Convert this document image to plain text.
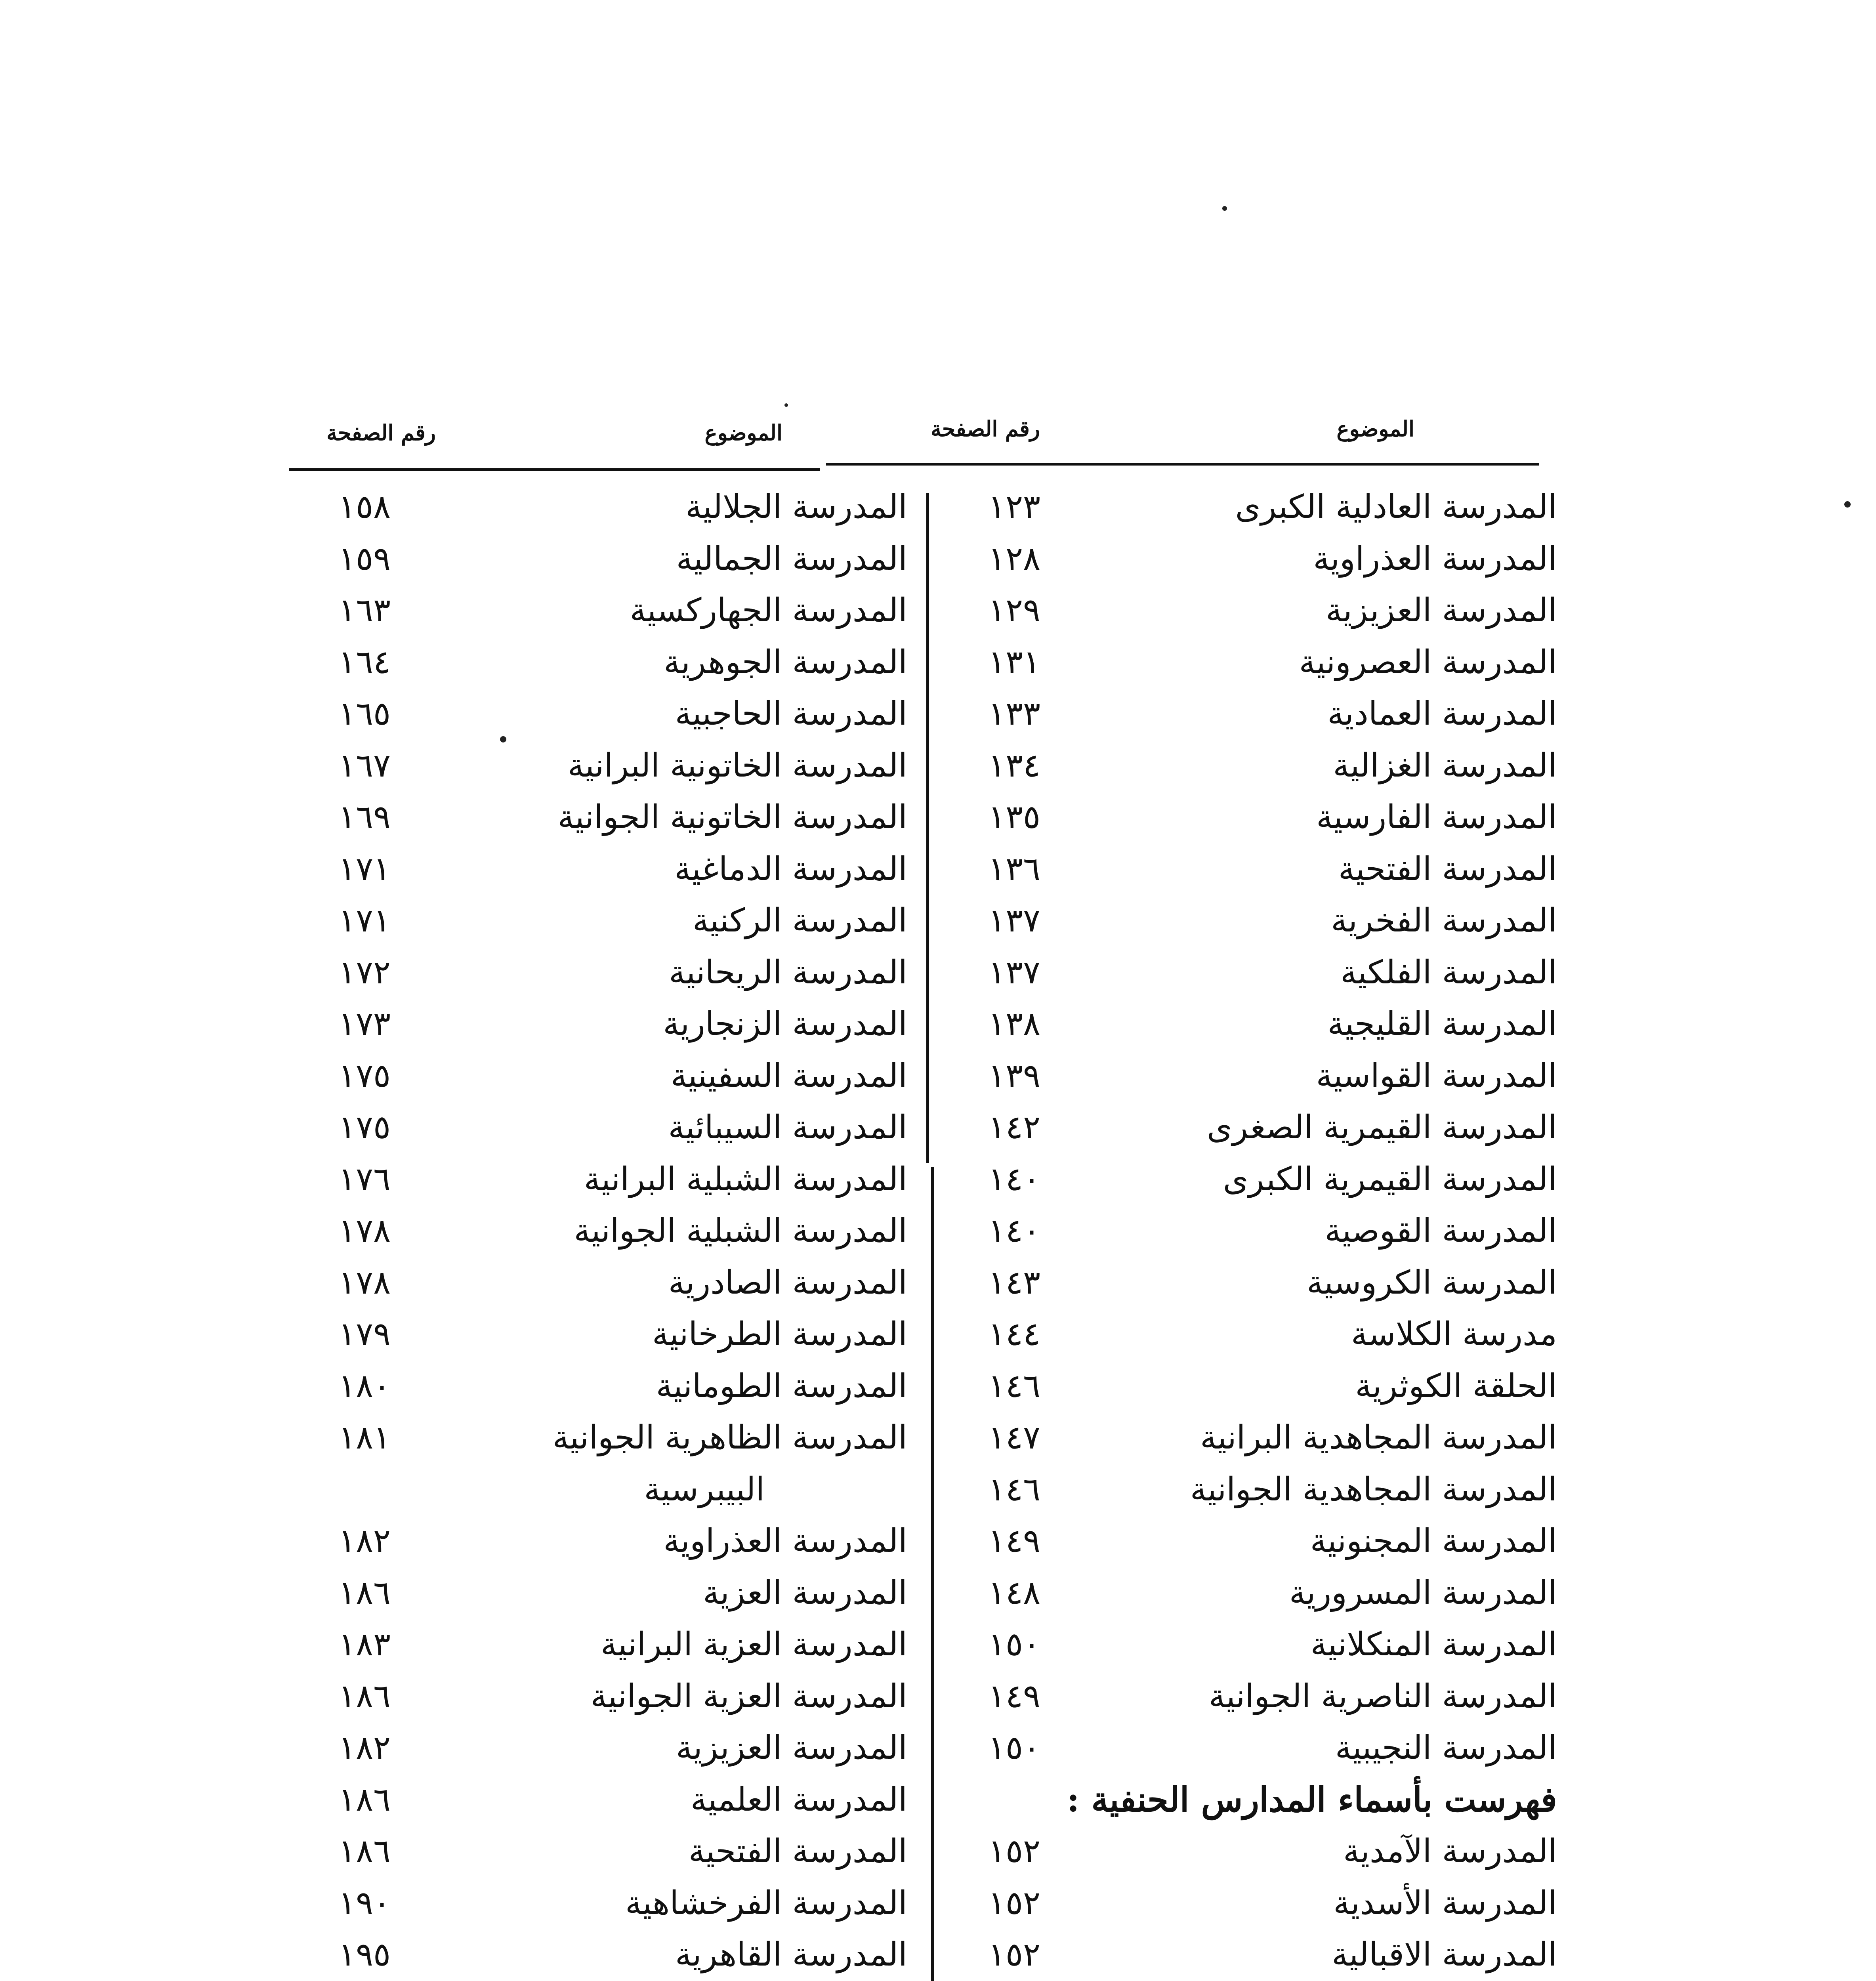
الموضوع
رقم الصفحة
الموضوع
رقم الصفحة
المدرسة العادلية الكبرى
١٢٣
المدرسة العذراوية
١٢٨
المدرسة العزيزية
١٢٩
المدرسة العصرونية
١٣١
المدرسة العمادية
١٣٣
المدرسة الغزالية
١٣٤
المدرسة الفارسية
١٣٥
المدرسة الفتحية
١٣٦
المدرسة الفخرية
١٣٧
المدرسة الفلكية
١٣٧
المدرسة القليجية
١٣٨
المدرسة القواسية
١٣٩
المدرسة القيمرية الصغرى
١٤٢
المدرسة القيمرية الكبرى
١٤٠
المدرسة القوصية
١٤٠
المدرسة الكروسية
١٤٣
مدرسة الكلاسة
١٤٤
الحلقة الكوثرية
١٤٦
المدرسة المجاهدية البرانية
١٤٧
المدرسة المجاهدية الجوانية
١٤٦
المدرسة المجنونية
١٤٩
المدرسة المسرورية
١٤٨
المدرسة المنكلانية
١٥٠
المدرسة الناصرية الجوانية
١٤٩
المدرسة النجيبية
١٥٠
فهرست بأسماء المدارس الحنفية :
المدرسة الآمدية
١٥٢
المدرسة الأسدية
١٥٢
المدرسة الاقبالية
١٥٢
المدرسة الجلالية
١٥٨
المدرسة الجمالية
١٥٩
المدرسة الجهاركسية
١٦٣
المدرسة الجوهرية
١٦٤
المدرسة الحاجبية
١٦٥
المدرسة الخاتونية البرانية
١٦٧
المدرسة الخاتونية الجوانية
١٦٩
المدرسة الدماغية
١٧١
المدرسة الركنية
١٧١
المدرسة الريحانية
١٧٢
المدرسة الزنجارية
١٧٣
المدرسة السفينية
١٧٥
المدرسة السيبائية
١٧٥
المدرسة الشبلية البرانية
١٧٦
المدرسة الشبلية الجوانية
١٧٨
المدرسة الصادرية
١٧٨
المدرسة الطرخانية
١٧٩
المدرسة الطومانية
١٨٠
المدرسة الظاهرية الجوانية
١٨١
البيبرسية
المدرسة العذراوية
١٨٢
المدرسة العزية
١٨٦
المدرسة العزية البرانية
١٨٣
المدرسة العزية الجوانية
١٨٦
المدرسة العزيزية
١٨٢
المدرسة العلمية
١٨٦
المدرسة الفتحية
١٨٦
المدرسة الفرخشاهية
١٩٠
المدرسة القاهرية
١٩٥
